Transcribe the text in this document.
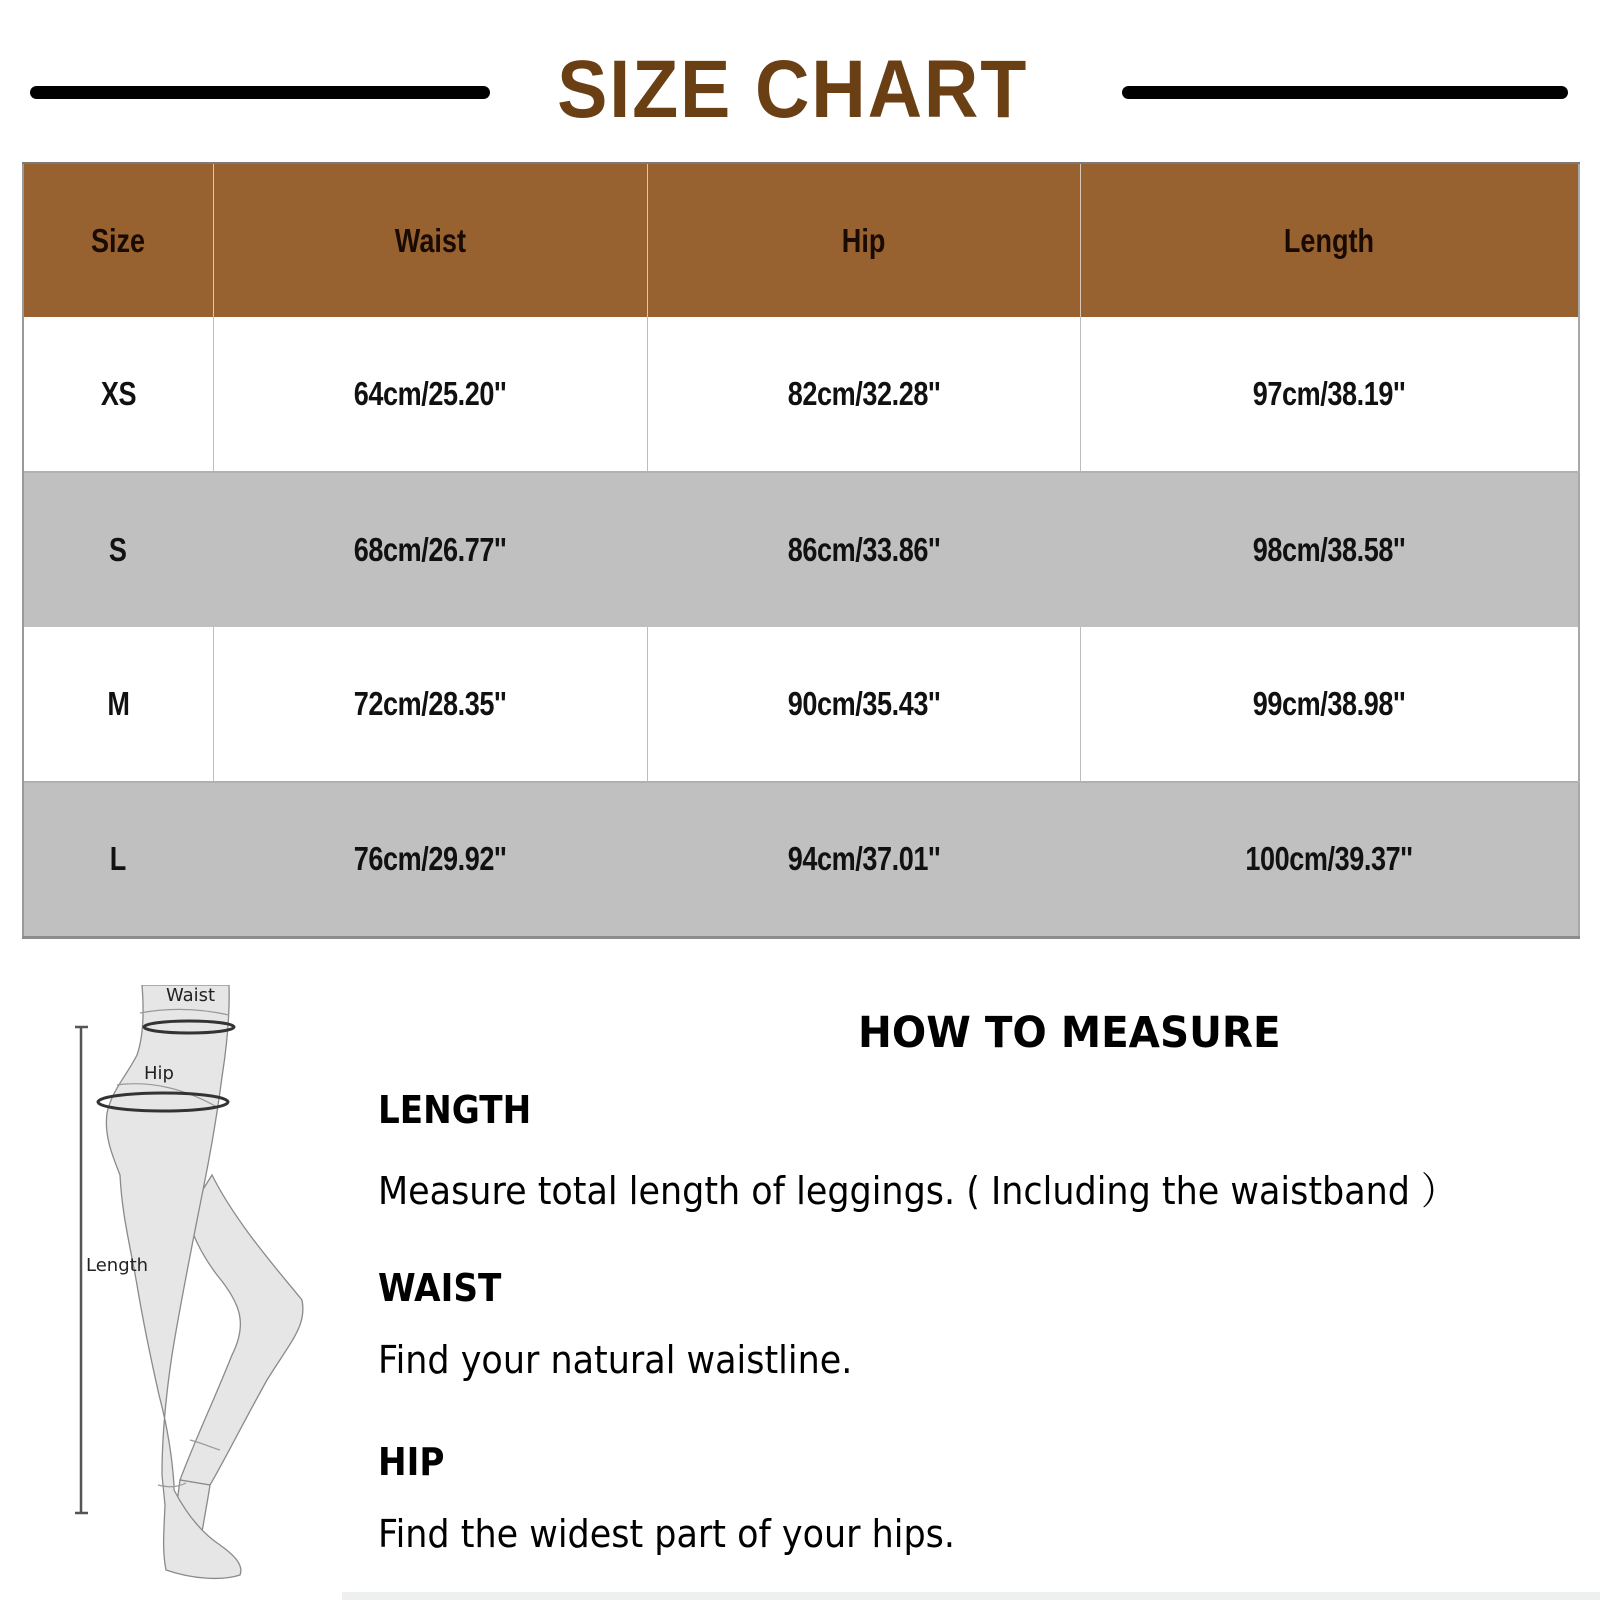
SIZE CHART
Size	Waist	Hip	Length
XS	64cm/25.20''	82cm/32.28''	97cm/38.19''
S	68cm/26.77''	86cm/33.86''	98cm/38.58''
M	72cm/28.35''	90cm/35.43''	99cm/38.98''
L	76cm/29.92''	94cm/37.01''	100cm/39.37''
Waist
Hip
Length
HOW TO MEASURE
LENGTH
Measure total length of leggings. ( Including the waistband ）
WAIST
Find your natural waistline.
HIP
Find the widest part of your hips.
